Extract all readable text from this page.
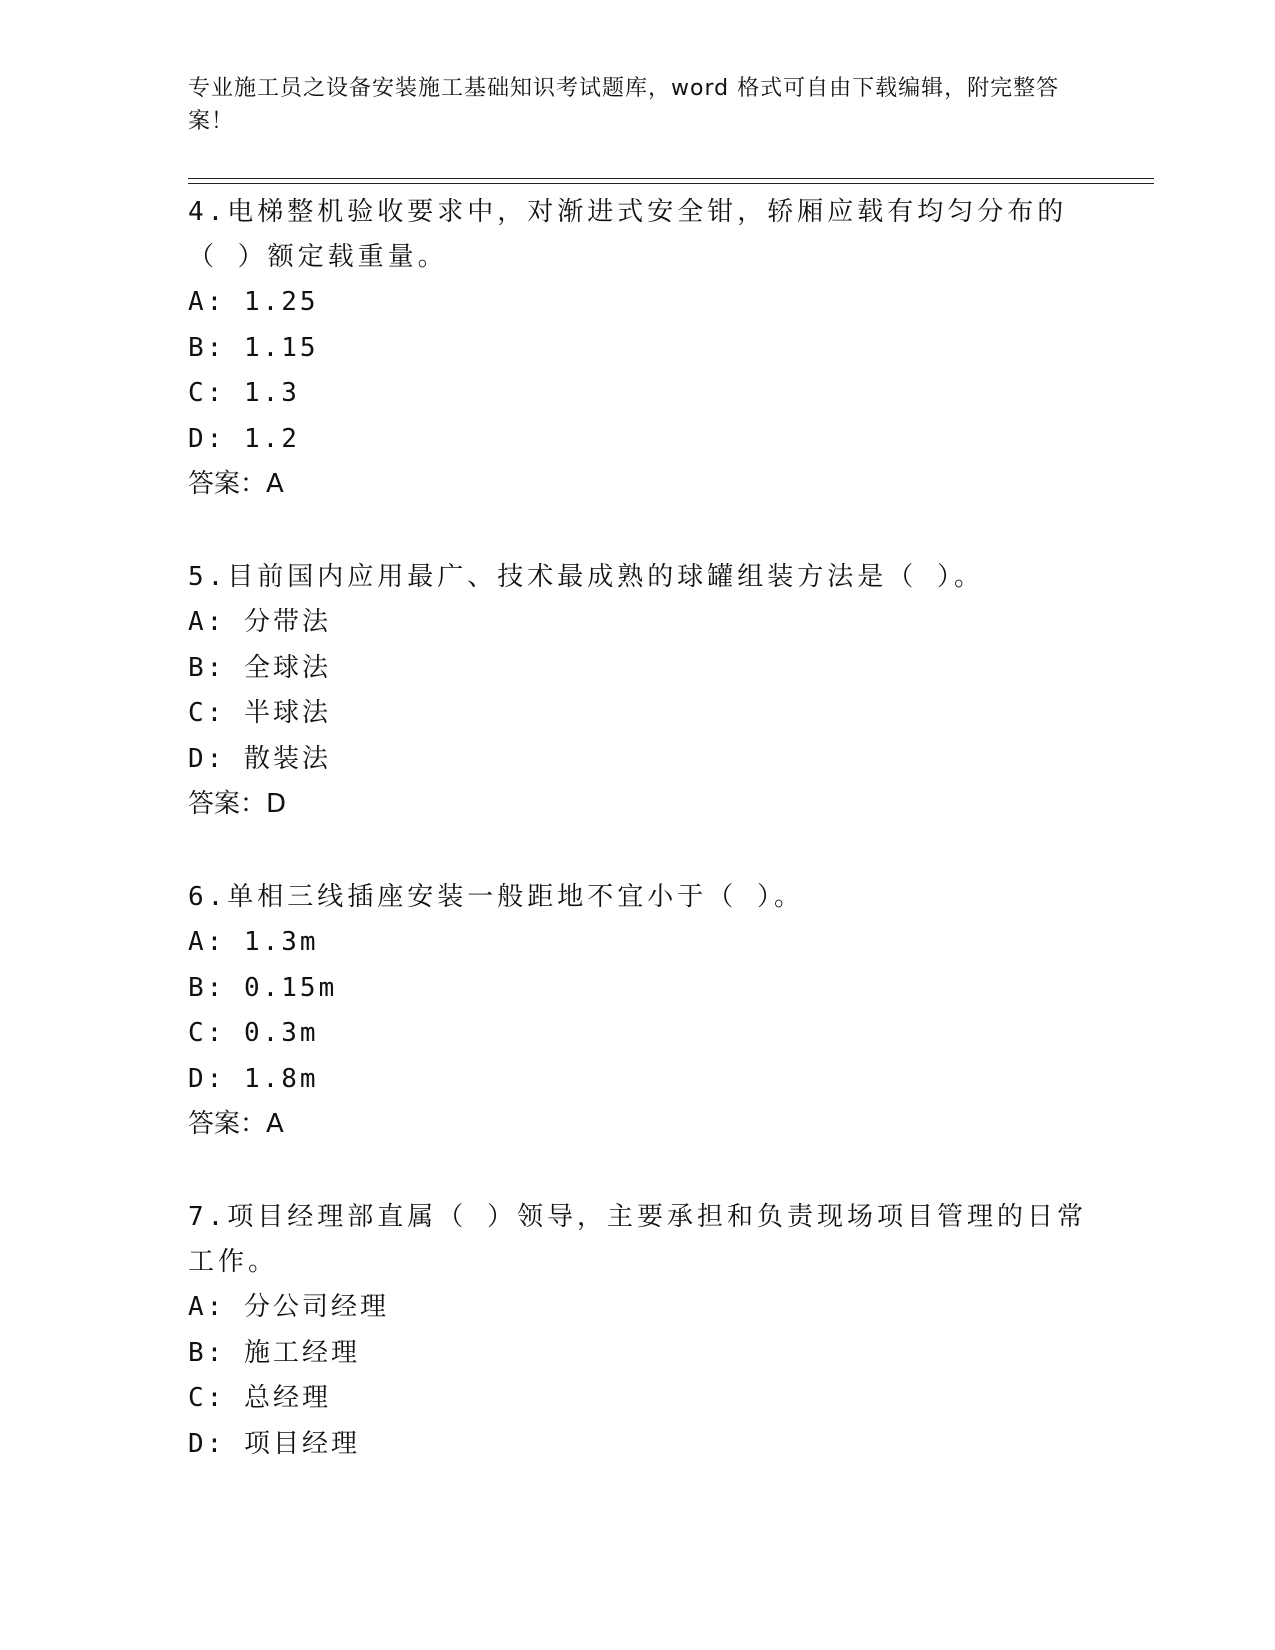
专业施工员之设备安装施工基础知识考试题库，word 格式可自由下载编辑，附完整答案！

4.电梯整机验收要求中，对渐进式安全钳，轿厢应载有均匀分布的（ ）额定载重量。

A: 1.25

B: 1.15

C: 1.3

D: 1.2

答案：A

5.目前国内应用最广、技术最成熟的球罐组装方法是（ ）。

A: 分带法

B: 全球法

C: 半球法

D: 散装法

答案：D

6.单相三线插座安装一般距地不宜小于（ ）。

A: 1.3m

B: 0.15m

C: 0.3m

D: 1.8m

答案：A

7.项目经理部直属（ ）领导，主要承担和负责现场项目管理的日常工作。

A: 分公司经理

B: 施工经理

C: 总经理

D: 项目经理
